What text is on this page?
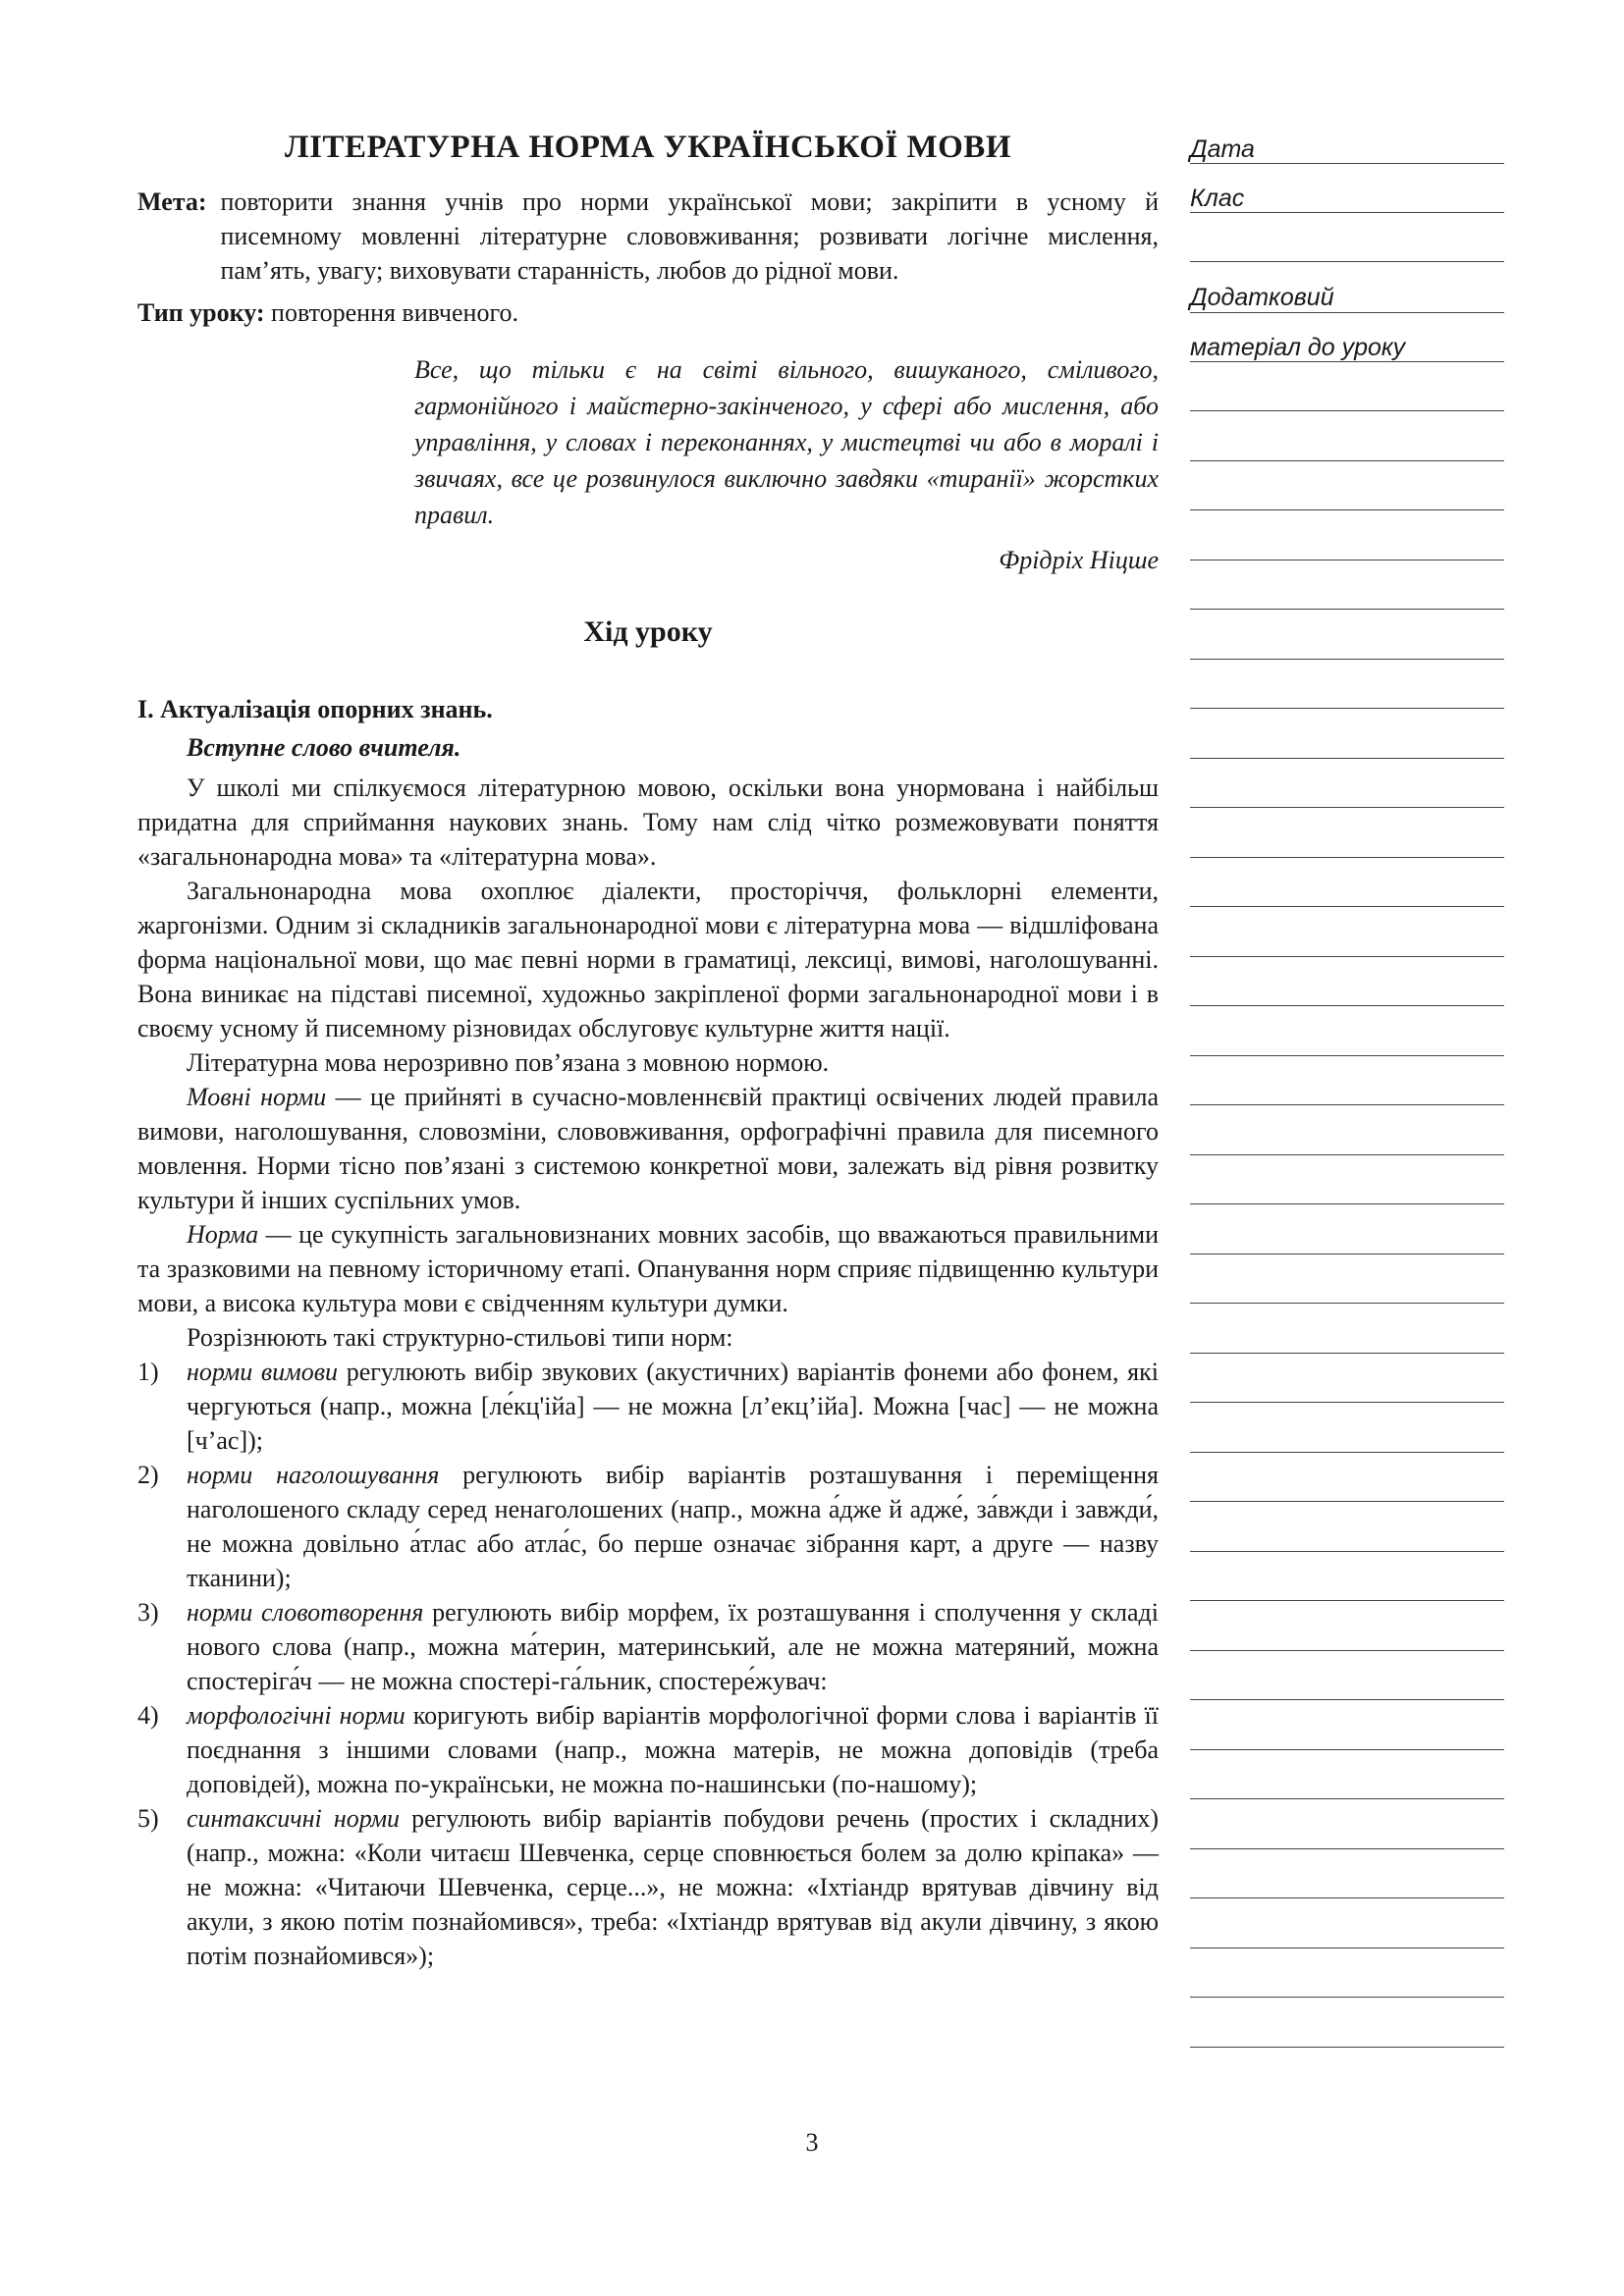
ЛІТЕРАТУРНА НОРМА УКРАЇНСЬКОЇ МОВИ
Мета: повторити знання учнів про норми української мови; закріпити в усному й писемному мовленні літературне слововживання; розвивати логічне мислення, пам’ять, увагу; виховувати старанність, любов до рідної мови.
Тип уроку: повторення вивченого.
Все, що тільки є на світі вільного, вишуканого, сміливого, гармонійного і майстерно-закінченого, у сфері або мислення, або управління, у словах і переконаннях, у мистецтві чи або в моралі і звичаях, все це розвинулося виключно завдяки «тиранії» жорстких правил.
Фрідріх Ніцше
Хід уроку
I. Актуалізація опорних знань.
Вступне слово вчителя.

У школі ми спілкуємося літературною мовою, оскільки вона унормована і найбільш придатна для сприймання наукових знань. Тому нам слід чітко розмежовувати поняття «загальнонародна мова» та «літературна мова».

Загальнонародна мова охоплює діалекти, просторіччя, фольклорні елементи, жаргонізми. Одним зі складників загальнонародної мови є літературна мова — відшліфована форма національної мови, що має певні норми в граматиці, лексиці, вимові, наголошуванні. Вона виникає на підставі писемної, художньо закріпленої форми загальнонародної мови і в своєму усному й писемному різновидах обслуговує культурне життя нації.

Літературна мова нерозривно пов’язана з мовною нормою.

Мовні норми — це прийняті в сучасно-мовленнєвій практиці освічених людей правила вимови, наголошування, словозміни, слововживання, орфографічні правила для писемного мовлення. Норми тісно пов’язані з системою конкретної мови, залежать від рівня розвитку культури й інших суспільних умов.

Норма — це сукупність загальновизнаних мовних засобів, що вважаються правильними та зразковими на певному історичному етапі. Опанування норм сприяє підвищенню культури мови, а висока культура мови є свідченням культури думки.

Розрізнюють такі структурно-стильові типи норм:

1)	норми вимови регулюють вибір звукових (акустичних) варіантів фонеми або фонем, які чергуються (напр., можна [ле́кц'ійа] — не можна [л’екц’ійа]. Можна [час] — не можна [ч’ас]);
2)	норми наголошування регулюють вибір варіантів розташування і переміщення наголошеного складу серед ненаголошених (напр., можна а́дже й адже́, за́вжди і завжди́, не можна довільно а́тлас або атла́с, бо перше означає зібрання карт, а друге — назву тканини);
3)	норми словотворення регулюють вибір морфем, їх розташування і сполучення у складі нового слова (напр., можна ма́терин, материнський, але не можна матеряний, можна спостеріга́ч — не можна спостері-га́льник, спостере́жувач:
4)	морфологічні норми коригують вибір варіантів морфологічної форми слова і варіантів її поєднання з іншими словами (напр., можна матерів, не можна доповідів (треба доповідей), можна по-українськи, не можна по-нашинськи (по-нашому);
5)	синтаксичні норми регулюють вибір варіантів побудови речень (простих і складних) (напр., можна: «Коли читаєш Шевченка, серце сповнюється болем за долю кріпака» — не можна: «Читаючи Шевченка, серце...», не можна: «Іхтіандр врятував дівчину від акули, з якою потім познайомився», треба: «Іхтіандр врятував від акули дівчину, з якою потім познайомився»);
3
Дата
Клас
Додатковий
матеріал до уроку
